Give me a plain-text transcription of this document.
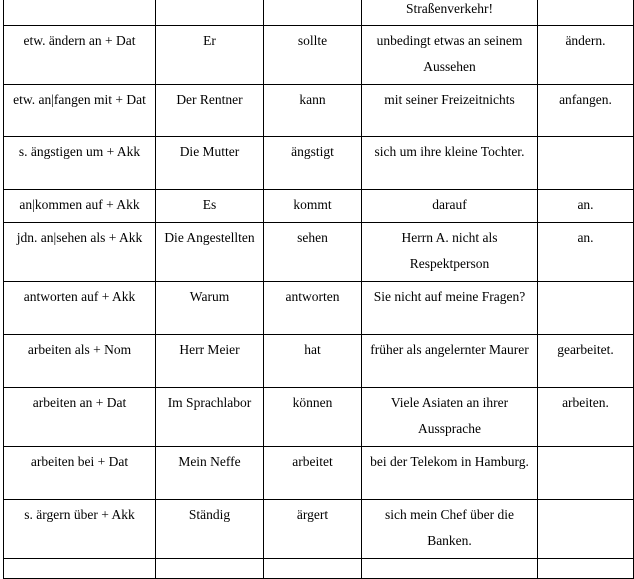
			Straßenverkehr!	

etw. ändern an + Dat	Er	sollte	unbedingt etwas an seinem Aussehen	ändern.

etw. an|fangen mit + Dat	Der Rentner	kann	mit seiner Freizeitnichts	anfangen.

s. ängstigen um + Akk	Die Mutter	ängstigt	sich um ihre kleine Tochter.	

an|kommen auf + Akk	Es	kommt	darauf	an.

jdn. an|sehen als + Akk	Die Angestellten	sehen	Herrn A. nicht als Respektperson	an.

antworten auf + Akk	Warum	antworten	Sie nicht auf meine Fragen?	

arbeiten als + Nom	Herr Meier	hat	früher als angelernter Maurer	gearbeitet.

arbeiten an + Dat	Im Sprachlabor	können	Viele Asiaten an ihrer Aussprache	arbeiten.

arbeiten bei + Dat	Mein Neffe	arbeitet	bei der Telekom in Hamburg.	

s. ärgern über + Akk	Ständig	ärgert	sich mein Chef über die Banken.	
